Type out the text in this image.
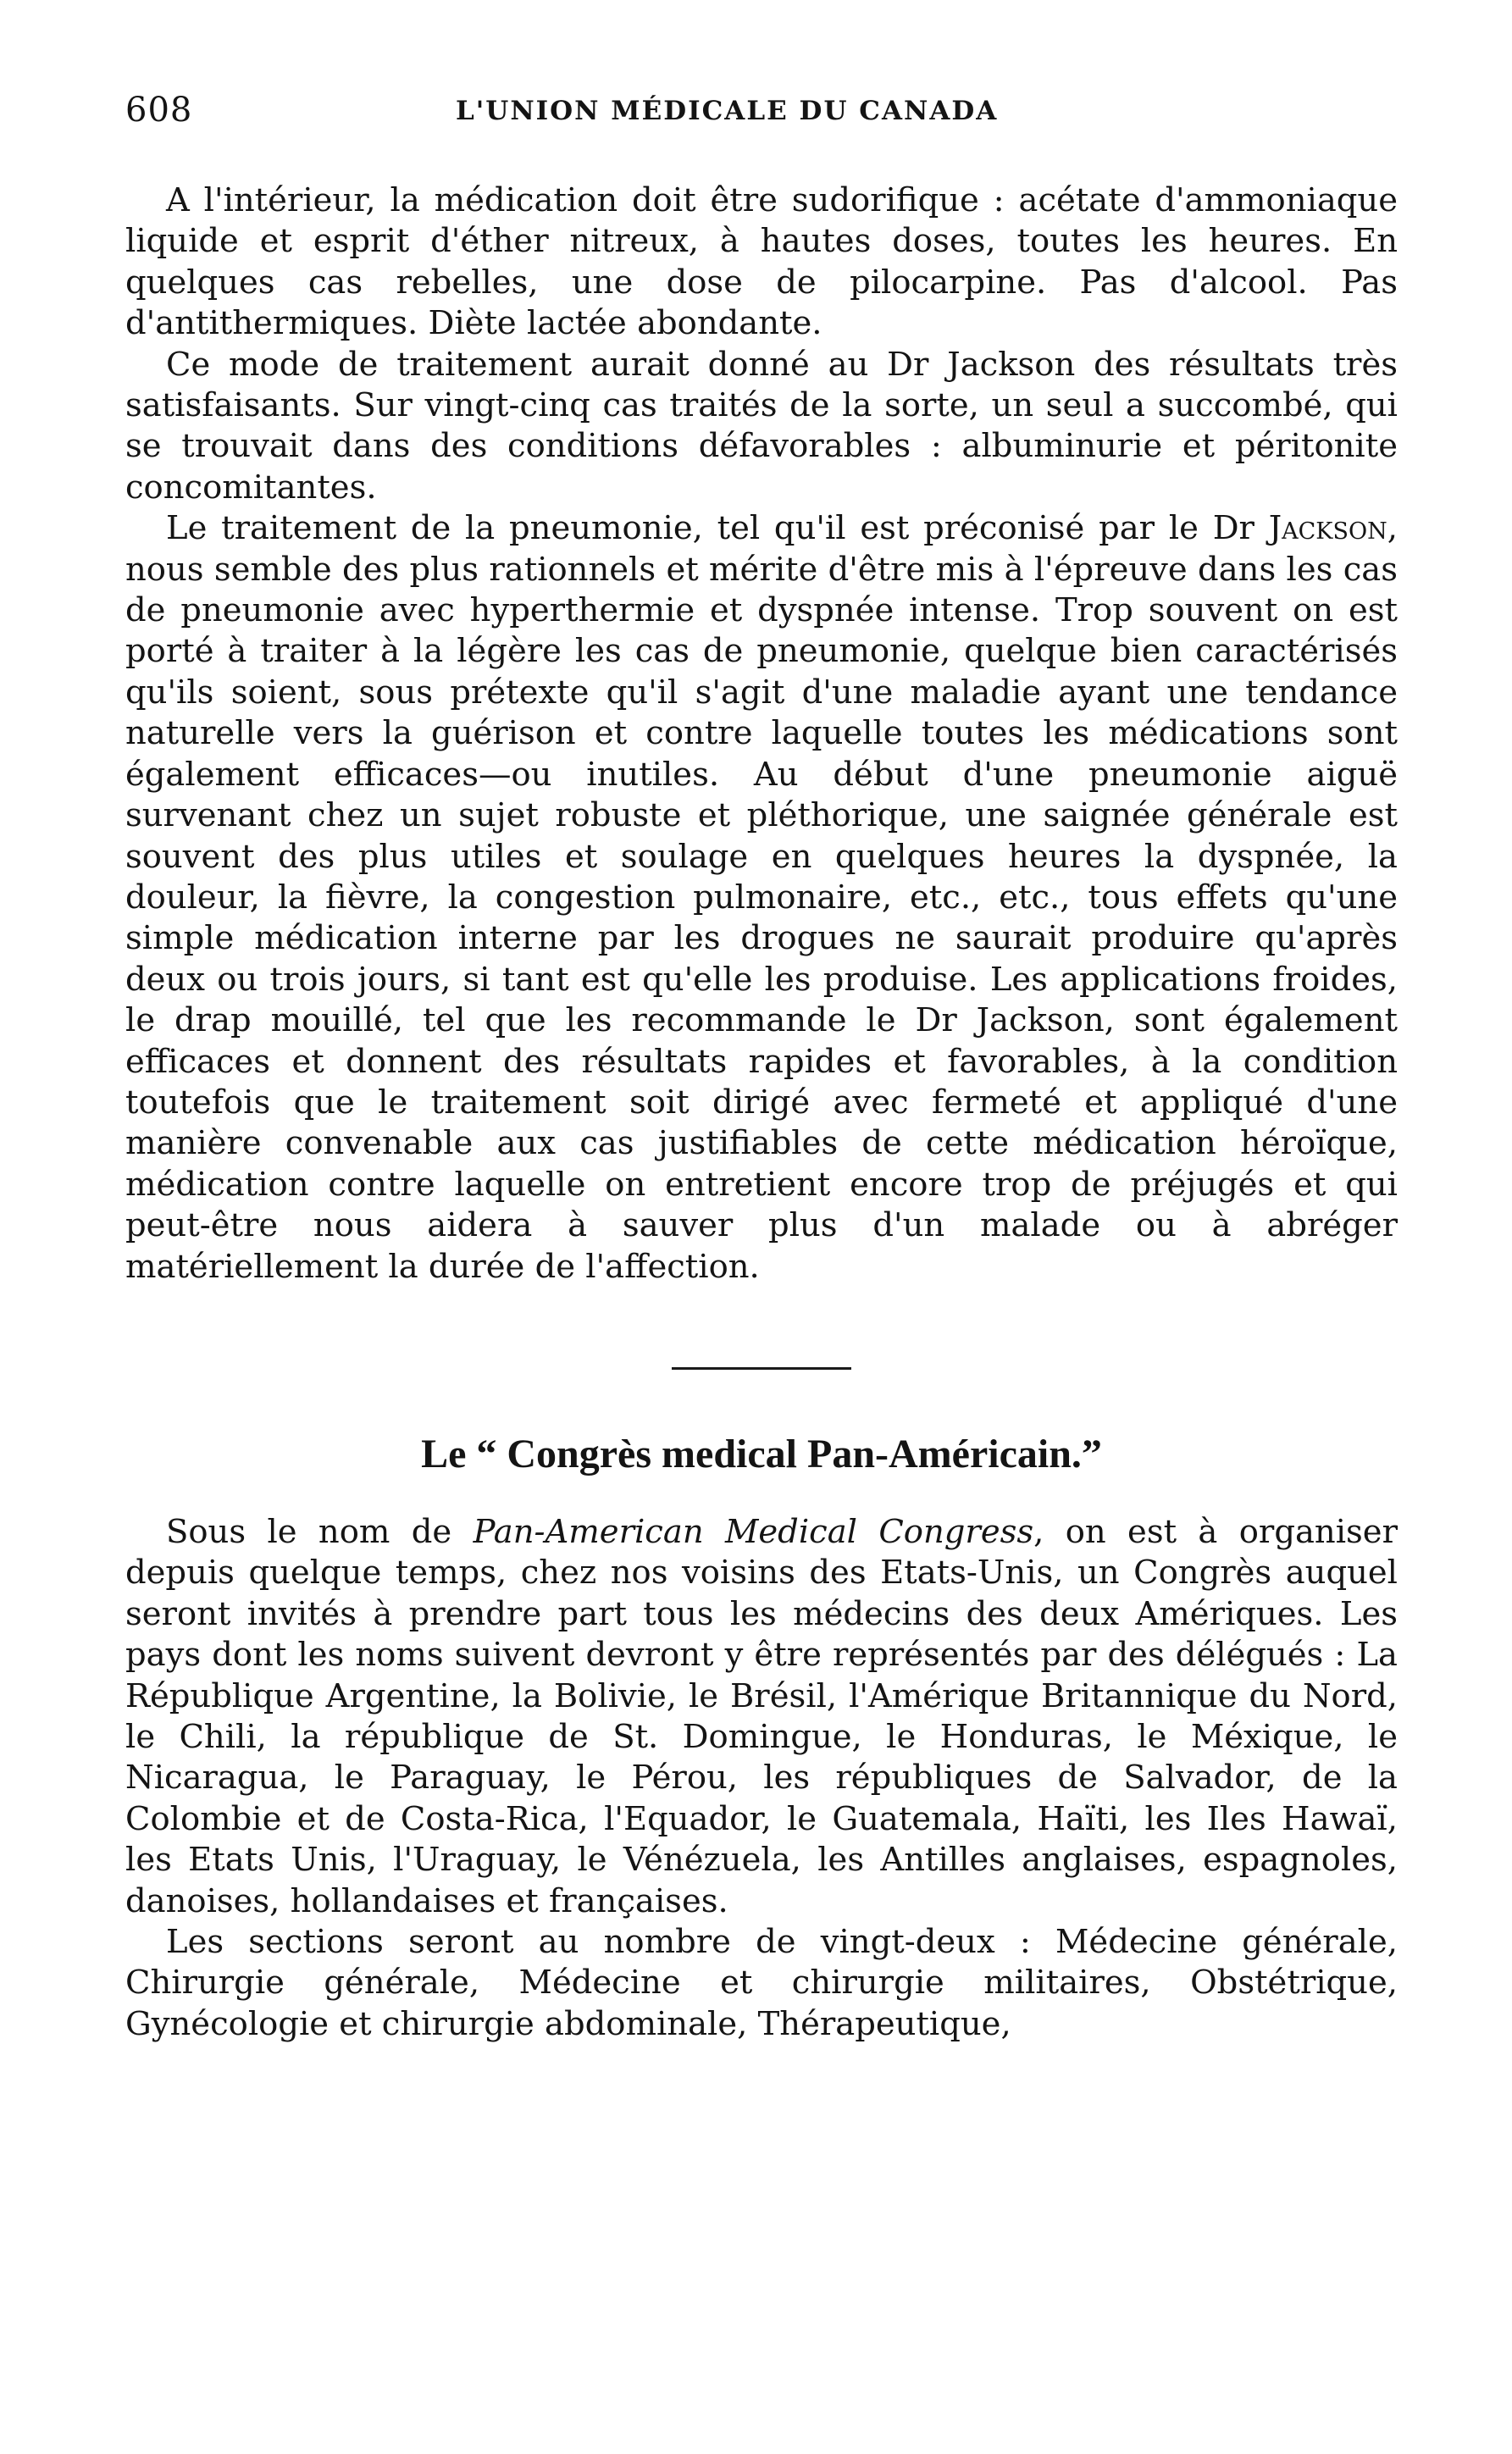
608	L'UNION MÉDICALE DU CANADA

A l'intérieur, la médication doit être sudorifique : acétate d'ammoniaque liquide et esprit d'éther nitreux, à hautes doses, toutes les heures. En quelques cas rebelles, une dose de pilocarpine. Pas d'alcool. Pas d'antithermiques. Diète lactée abondante.

Ce mode de traitement aurait donné au Dr Jackson des résultats très satisfaisants. Sur vingt-cinq cas traités de la sorte, un seul a succombé, qui se trouvait dans des conditions défavorables : albuminurie et péritonite concomitantes.

Le traitement de la pneumonie, tel qu'il est préconisé par le Dr Jackson, nous semble des plus rationnels et mérite d'être mis à l'épreuve dans les cas de pneumonie avec hyperthermie et dyspnée intense. Trop souvent on est porté à traiter à la légère les cas de pneumonie, quelque bien caractérisés qu'ils soient, sous prétexte qu'il s'agit d'une maladie ayant une tendance naturelle vers la guérison et contre laquelle toutes les médications sont également efficaces—ou inutiles. Au début d'une pneumonie aiguë survenant chez un sujet robuste et pléthorique, une saignée générale est souvent des plus utiles et soulage en quelques heures la dyspnée, la douleur, la fièvre, la congestion pulmonaire, etc., etc., tous effets qu'une simple médication interne par les drogues ne saurait produire qu'après deux ou trois jours, si tant est qu'elle les produise. Les applications froides, le drap mouillé, tel que les recommande le Dr Jackson, sont également efficaces et donnent des résultats rapides et favorables, à la condition toutefois que le traitement soit dirigé avec fermeté et appliqué d'une manière convenable aux cas justifiables de cette médication héroïque, médication contre laquelle on entretient encore trop de préjugés et qui peut-être nous aidera à sauver plus d'un malade ou à abréger matériellement la durée de l'affection.

Le “ Congrès medical Pan-Américain.”

Sous le nom de Pan-American Medical Congress, on est à organiser depuis quelque temps, chez nos voisins des Etats-Unis, un Congrès auquel seront invités à prendre part tous les médecins des deux Amériques. Les pays dont les noms suivent devront y être représentés par des délégués : La République Argentine, la Bolivie, le Brésil, l'Amérique Britannique du Nord, le Chili, la république de St. Domingue, le Honduras, le Méxique, le Nicaragua, le Paraguay, le Pérou, les républiques de Salvador, de la Colombie et de Costa-Rica, l'Equador, le Guatemala, Haïti, les Iles Hawaï, les Etats Unis, l'Uraguay, le Vénézuela, les Antilles anglaises, espagnoles, danoises, hollandaises et françaises.

Les sections seront au nombre de vingt-deux : Médecine générale, Chirurgie générale, Médecine et chirurgie militaires, Obstétrique, Gynécologie et chirurgie abdominale, Thérapeutique,
